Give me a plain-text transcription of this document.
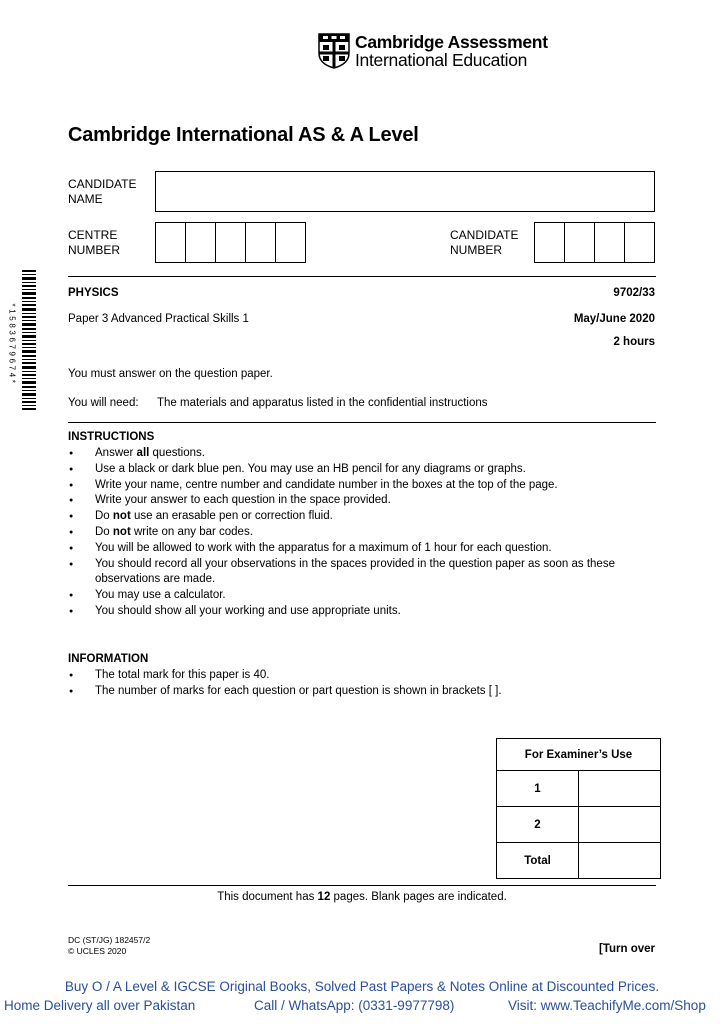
Cambridge Assessment
International Education
Cambridge International AS & A Level
CANDIDATE NAME
CENTRE NUMBER
CANDIDATE NUMBER
*1583679674*
PHYSICS	9702/33
Paper 3 Advanced Practical Skills 1	May/June 2020
2 hours
You must answer on the question paper.
You will need: The materials and apparatus listed in the confidential instructions
INSTRUCTIONS
● Answer all questions.
● Use a black or dark blue pen. You may use an HB pencil for any diagrams or graphs.
● Write your name, centre number and candidate number in the boxes at the top of the page.
● Write your answer to each question in the space provided.
● Do not use an erasable pen or correction fluid.
● Do not write on any bar codes.
● You will be allowed to work with the apparatus for a maximum of 1 hour for each question.
● You should record all your observations in the spaces provided in the question paper as soon as these observations are made.
● You may use a calculator.
● You should show all your working and use appropriate units.
INFORMATION
● The total mark for this paper is 40.
● The number of marks for each question or part question is shown in brackets [ ].
For Examiner’s Use	
1	
2	
Total	
This document has 12 pages. Blank pages are indicated.
DC (ST/JG) 182457/2
© UCLES 2020	[Turn over
Buy O / A Level & IGCSE Original Books, Solved Past Papers & Notes Online at Discounted Prices.
Home Delivery all over Pakistan	Call / WhatsApp: (0331-9977798)	Visit: www.TeachifyMe.com/Shop
